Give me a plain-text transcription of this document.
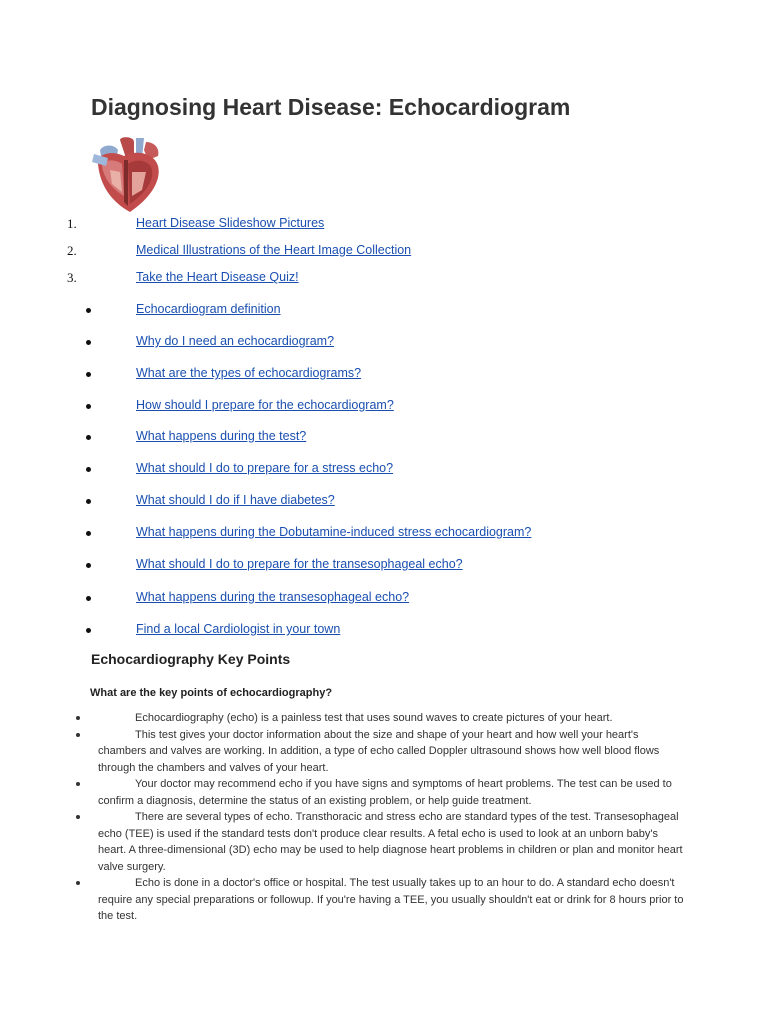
Diagnosing Heart Disease: Echocardiogram
1.	Heart Disease Slideshow Pictures
2.	Medical Illustrations of the Heart Image Collection
3.	Take the Heart Disease Quiz!
Echocardiogram definition
Why do I need an echocardiogram?
What are the types of echocardiograms?
How should I prepare for the echocardiogram?
What happens during the test?
What should I do to prepare for a stress echo?
What should I do if I have diabetes?
What happens during the Dobutamine-induced stress echocardiogram?
What should I do to prepare for the transesophageal echo?
What happens during the transesophageal echo?
Find a local Cardiologist in your town
Echocardiography Key Points
What are the key points of echocardiography?
Echocardiography (echo) is a painless test that uses sound waves to create pictures of your heart.
This test gives your doctor information about the size and shape of your heart and how well your heart's chambers and valves are working. In addition, a type of echo called Doppler ultrasound shows how well blood flows through the chambers and valves of your heart.
Your doctor may recommend echo if you have signs and symptoms of heart problems. The test can be used to confirm a diagnosis, determine the status of an existing problem, or help guide treatment.
There are several types of echo. Transthoracic and stress echo are standard types of the test. Transesophageal echo (TEE) is used if the standard tests don't produce clear results. A fetal echo is used to look at an unborn baby's heart. A three-dimensional (3D) echo may be used to help diagnose heart problems in children or plan and monitor heart valve surgery.
Echo is done in a doctor's office or hospital. The test usually takes up to an hour to do. A standard echo doesn't require any special preparations or followup. If you're having a TEE, you usually shouldn't eat or drink for 8 hours prior to the test.
